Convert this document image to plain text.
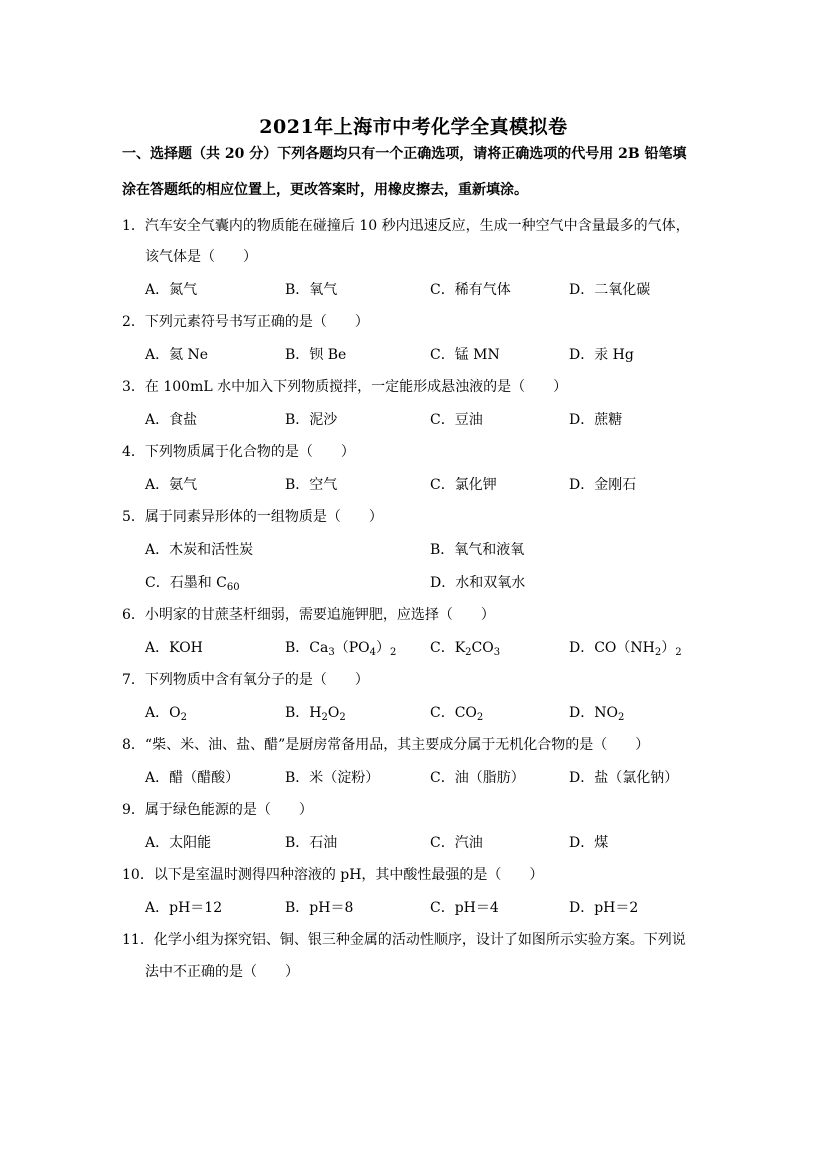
2021年上海市中考化学全真模拟卷
一、选择题（共 20 分）下列各题均只有一个正确选项，请将正确选项的代号用 2B 铅笔填
涂在答题纸的相应位置上，更改答案时，用橡皮擦去，重新填涂。
1．汽车安全气囊内的物质能在碰撞后 10 秒内迅速反应，生成一种空气中含量最多的气体，
该气体是（　　）
A．氮气	B．氧气	C．稀有气体	D．二氧化碳
2．下列元素符号书写正确的是（　　）
A．氦 Ne	B．钡 Be	C．锰 MN	D．汞 Hg
3．在 100mL 水中加入下列物质搅拌，一定能形成悬浊液的是（　　）
A．食盐	B．泥沙	C．豆油	D．蔗糖
4．下列物质属于化合物的是（　　）
A．氨气	B．空气	C．氯化钾	D．金刚石
5．属于同素异形体的一组物质是（　　）
A．木炭和活性炭	B．氧气和液氧
C．石墨和 $C_{60}$	D．水和双氧水
6．小明家的甘蔗茎杆细弱，需要追施钾肥，应选择（　　）
A．KOH	B．$Ca_3(PO_4)_2$ C．$K_2CO_3$	D．$CO(NH_2)_2$
7．下列物质中含有氧分子的是（　　）
A．$O_2$	B．$H_2O_2$	C．$CO_2$	D．$NO_2$
8．“柴、米、油、盐、醋”是厨房常备用品，其主要成分属于无机化合物的是（　　）
A．醋（醋酸）	B．米（淀粉）	C．油（脂肪）	D．盐（氯化钠）
9．属于绿色能源的是（　　）
A．太阳能	B．石油	C．汽油	D．煤
10．以下是室温时测得四种溶液的 pH，其中酸性最强的是（　　）
A．pH＝12	B．pH＝8	C．pH＝4	D．pH＝2
11．化学小组为探究铝、铜、银三种金属的活动性顺序，设计了如图所示实验方案。下列说
法中不正确的是（　　）
